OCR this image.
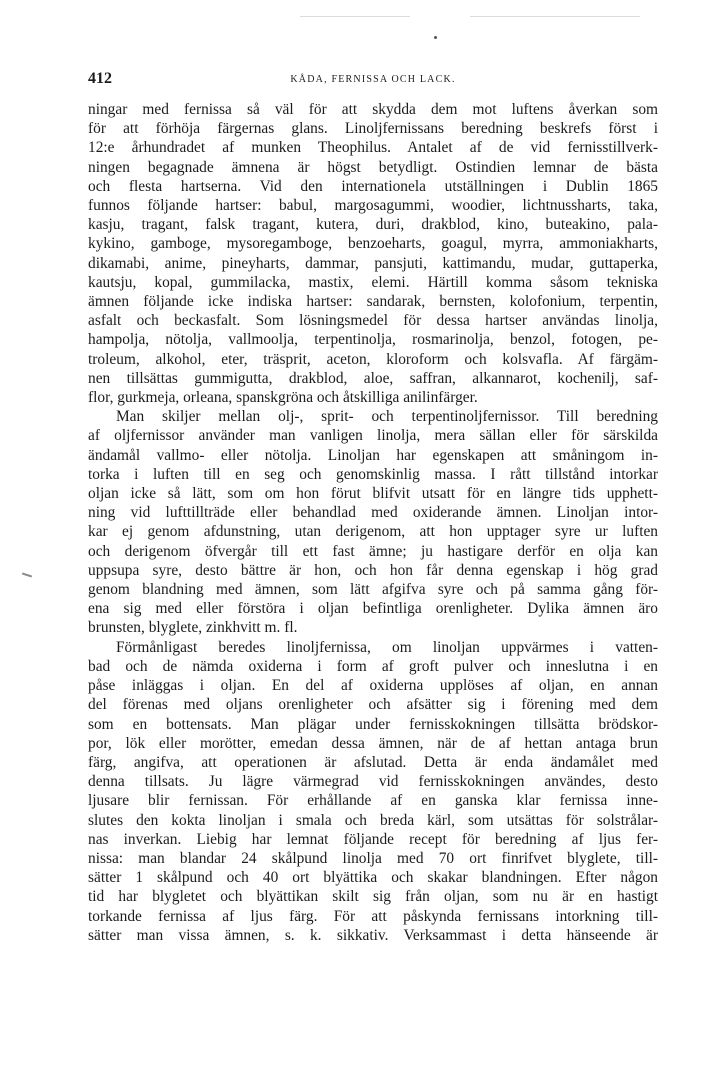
412	KÅDA, FERNISSA OCH LACK.
ningar med fernissa så väl för att skydda dem mot luftens åverkan som
för att förhöja färgernas glans. Linoljfernissans beredning beskrefs först i
12:e århundradet af munken Theophilus. Antalet af de vid fernisstillverk-
ningen begagnade ämnena är högst betydligt. Ostindien lemnar de bästa
och flesta hartserna. Vid den internationela utställningen i Dublin 1865
funnos följande hartser: babul, margosagummi, woodier, lichtnussharts, taka,
kasju, tragant, falsk tragant, kutera, duri, drakblod, kino, buteakino, pala-
kykino, gamboge, mysoregamboge, benzoeharts, goagul, myrra, ammoniakharts,
dikamabi, anime, pineyharts, dammar, pansjuti, kattimandu, mudar, guttaperka,
kautsju, kopal, gummilacka, mastix, elemi. Härtill komma såsom tekniska
ämnen följande icke indiska hartser: sandarak, bernsten, kolofonium, terpentin,
asfalt och beckasfalt. Som lösningsmedel för dessa hartser användas linolja,
hampolja, nötolja, vallmoolja, terpentinolja, rosmarinolja, benzol, fotogen, pe-
troleum, alkohol, eter, träsprit, aceton, kloroform och kolsvafla. Af färgäm-
nen tillsättas gummigutta, drakblod, aloe, saffran, alkannarot, kochenilj, saf-
flor, gurkmeja, orleana, spanskgröna och åtskilliga anilinfärger.
Man skiljer mellan olj-, sprit- och terpentinoljfernissor. Till beredning
af oljfernissor använder man vanligen linolja, mera sällan eller för särskilda
ändamål vallmo- eller nötolja. Linoljan har egenskapen att småningom in-
torka i luften till en seg och genomskinlig massa. I rått tillstånd intorkar
oljan icke så lätt, som om hon förut blifvit utsatt för en längre tids upphett-
ning vid lufttillträde eller behandlad med oxiderande ämnen. Linoljan intor-
kar ej genom afdunstning, utan derigenom, att hon upptager syre ur luften
och derigenom öfvergår till ett fast ämne; ju hastigare derför en olja kan
uppsupa syre, desto bättre är hon, och hon får denna egenskap i hög grad
genom blandning med ämnen, som lätt afgifva syre och på samma gång för-
ena sig med eller förstöra i oljan befintliga orenligheter. Dylika ämnen äro
brunsten, blyglete, zinkhvitt m. fl.
Förmånligast beredes linoljfernissa, om linoljan uppvärmes i vatten-
bad och de nämda oxiderna i form af groft pulver och inneslutna i en
påse inläggas i oljan. En del af oxiderna upplöses af oljan, en annan
del förenas med oljans orenligheter och afsätter sig i förening med dem
som en bottensats. Man plägar under fernisskokningen tillsätta brödskor-
por, lök eller morötter, emedan dessa ämnen, när de af hettan antaga brun
färg, angifva, att operationen är afslutad. Detta är enda ändamålet med
denna tillsats. Ju lägre värmegrad vid fernisskokningen användes, desto
ljusare blir fernissan. För erhållande af en ganska klar fernissa inne-
slutes den kokta linoljan i smala och breda kärl, som utsättas för solstrålar-
nas inverkan. Liebig har lemnat följande recept för beredning af ljus fer-
nissa: man blandar 24 skålpund linolja med 70 ort finrifvet blyglete, till-
sätter 1 skålpund och 40 ort blyättika och skakar blandningen. Efter någon
tid har blygletet och blyättikan skilt sig från oljan, som nu är en hastigt
torkande fernissa af ljus färg. För att påskynda fernissans intorkning till-
sätter man vissa ämnen, s. k. sikkativ. Verksammast i detta hänseende är
